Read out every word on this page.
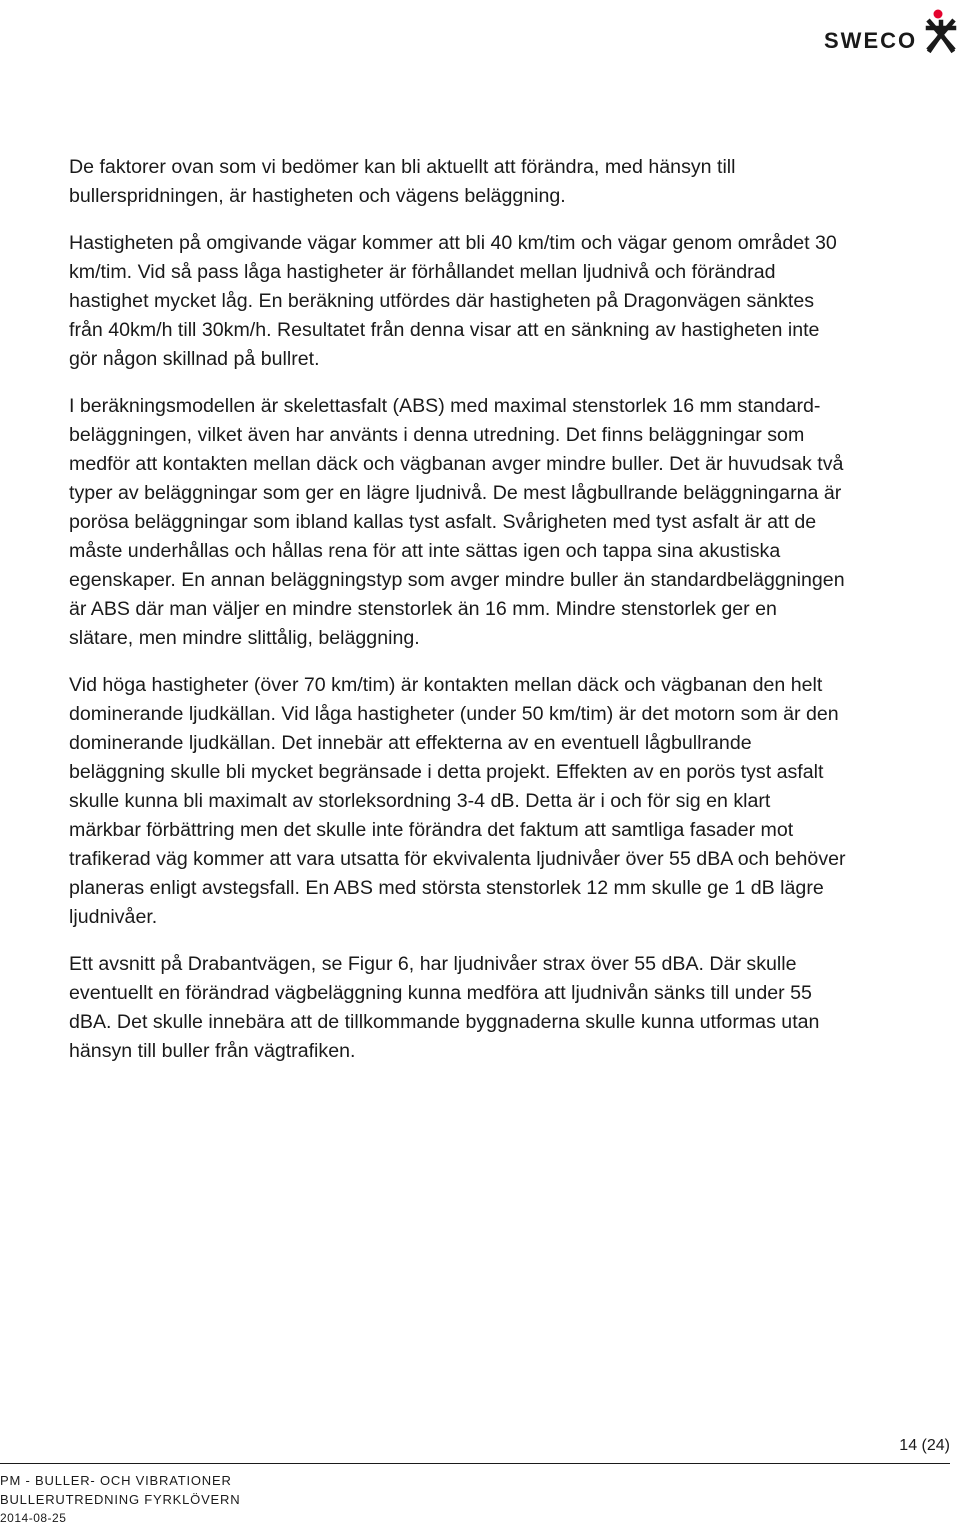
SWECO

De faktorer ovan som vi bedömer kan bli aktuellt att förändra, med hänsyn till
bullerspridningen, är hastigheten och vägens beläggning.

Hastigheten på omgivande vägar kommer att bli 40 km/tim och vägar genom området 30
km/tim. Vid så pass låga hastigheter är förhållandet mellan ljudnivå och förändrad
hastighet mycket låg. En beräkning utfördes där hastigheten på Dragonvägen sänktes
från 40km/h till 30km/h. Resultatet från denna visar att en sänkning av hastigheten inte
gör någon skillnad på bullret.

I beräkningsmodellen är skelettasfalt (ABS) med maximal stenstorlek 16 mm standard-
beläggningen, vilket även har använts i denna utredning. Det finns beläggningar som
medför att kontakten mellan däck och vägbanan avger mindre buller. Det är huvudsak två
typer av beläggningar som ger en lägre ljudnivå. De mest lågbullrande beläggningarna är
porösa beläggningar som ibland kallas tyst asfalt. Svårigheten med tyst asfalt är att de
måste underhållas och hållas rena för att inte sättas igen och tappa sina akustiska
egenskaper. En annan beläggningstyp som avger mindre buller än standardbeläggningen
är ABS där man väljer en mindre stenstorlek än 16 mm. Mindre stenstorlek ger en
slätare, men mindre slittålig, beläggning.

Vid höga hastigheter (över 70 km/tim) är kontakten mellan däck och vägbanan den helt
dominerande ljudkällan. Vid låga hastigheter (under 50 km/tim) är det motorn som är den
dominerande ljudkällan. Det innebär att effekterna av en eventuell lågbullrande
beläggning skulle bli mycket begränsade i detta projekt. Effekten av en porös tyst asfalt
skulle kunna bli maximalt av storleksordning 3-4 dB. Detta är i och för sig en klart
märkbar förbättring men det skulle inte förändra det faktum att samtliga fasader mot
trafikerad väg kommer att vara utsatta för ekvivalenta ljudnivåer över 55 dBA och behöver
planeras enligt avstegsfall. En ABS med största stenstorlek 12 mm skulle ge 1 dB lägre
ljudnivåer.

Ett avsnitt på Drabantvägen, se Figur 6, har ljudnivåer strax över 55 dBA. Där skulle
eventuellt en förändrad vägbeläggning kunna medföra att ljudnivån sänks till under 55
dBA. Det skulle innebära att de tillkommande byggnaderna skulle kunna utformas utan
hänsyn till buller från vägtrafiken.

14 (24)
PM - BULLER- OCH VIBRATIONER
BULLERUTREDNING FYRKLÖVERN
2014-08-25
